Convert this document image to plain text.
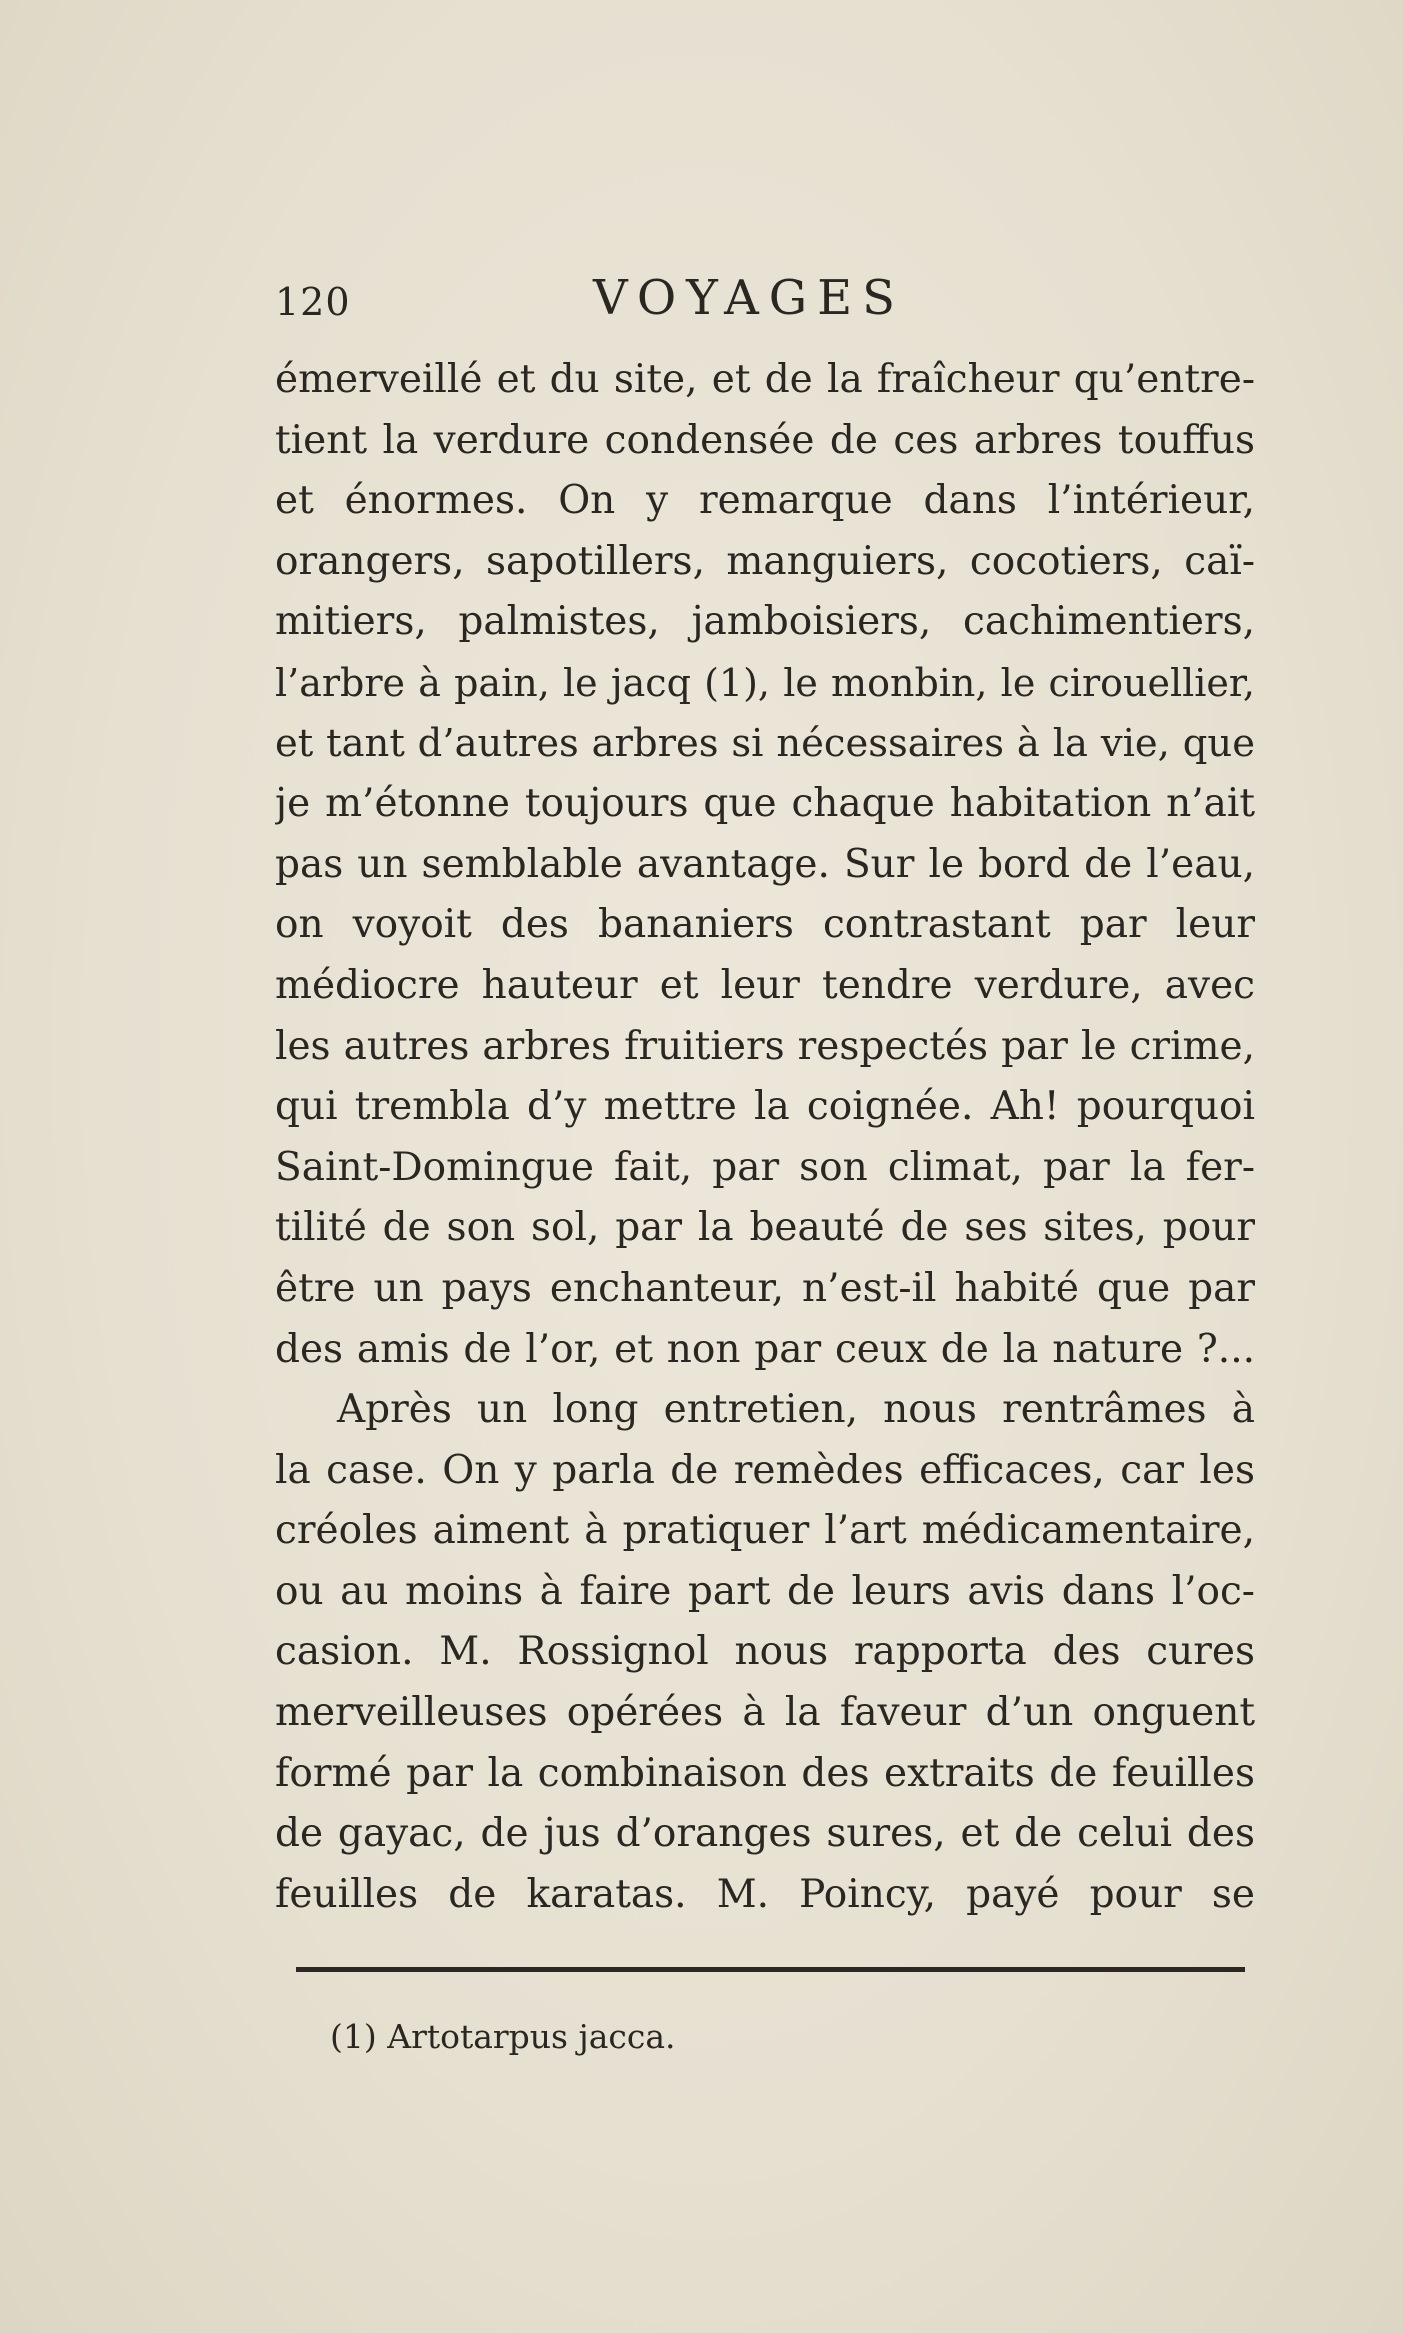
120	VOYAGES
émerveillé et du site, et de la fraîcheur qu’entre-
tient la verdure condensée de ces arbres touffus
et énormes. On y remarque dans l’intérieur,
orangers, sapotillers, manguiers, cocotiers, caï-
mitiers, palmistes, jamboisiers, cachimentiers,
l’arbre à pain, le jacq (1), le monbin, le cirouellier,
et tant d’autres arbres si nécessaires à la vie, que
je m’étonne toujours que chaque habitation n’ait
pas un semblable avantage. Sur le bord de l’eau,
on voyoit des bananiers contrastant par leur
médiocre hauteur et leur tendre verdure, avec
les autres arbres fruitiers respectés par le crime,
qui trembla d’y mettre la coignée. Ah! pourquoi
Saint-Domingue fait, par son climat, par la fer-
tilité de son sol, par la beauté de ses sites, pour
être un pays enchanteur, n’est-il habité que par
des amis de l’or, et non par ceux de la nature ?...
Après un long entretien, nous rentrâmes à
la case. On y parla de remèdes efficaces, car les
créoles aiment à pratiquer l’art médicamentaire,
ou au moins à faire part de leurs avis dans l’oc-
casion. M. Rossignol nous rapporta des cures
merveilleuses opérées à la faveur d’un onguent
formé par la combinaison des extraits de feuilles
de gayac, de jus d’oranges sures, et de celui des
feuilles de karatas. M. Poincy, payé pour se
(1) Artotarpus jacca.
